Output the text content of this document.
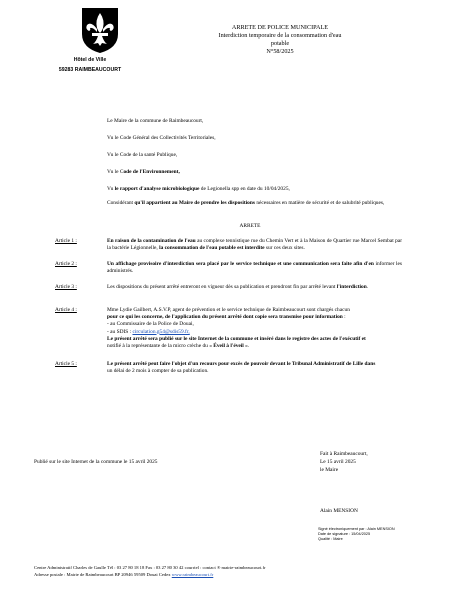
Hôtel de Ville
59283 RAIMBEAUCOURT
ARRETE DE POLICE MUNICIPALE
Interdiction temporaire de la consommation d'eau
potable
N°58/2025
Le Maire de la commune de Raimbeaucourt,
Vu le Code Général des Collectivités Territoriales,
Vu le Code de la santé Publique,
Vu le Code de l'Environnement,
Vu le rapport d'analyse microbiologique de Legionella spp en date du 10/04/2025,
Considérant qu'il appartient au Maire de prendre les dispositions nécessaires en matière de sécurité et de salubrité publiques,
ARRETE
Article 1 :	En raison de la contamination de l'eau au complexe tennistique rue du Chemin Vert et à la Maison de Quartier rue Marcel Sembat par la bactérie Légionnelle, la consommation de l'eau potable est interdite sur ces deux sites.
Article 2 :	Un affichage provisoire d'interdiction sera placé par le service technique et une communication sera faite afin d'en informer les administrés.
Article 3 :	Les dispositions du présent arrêté entreront en vigueur dès sa publication et prendront fin par arrêté levant l'interdiction.
Article 4 :	Mme Lydie Gailbert, A.S.V.P, agent de prévention et le service technique de Raimbeaucourt sont chargés chacun
pour ce qui les concerne, de l'application du présent arrêté dont copie sera transmise pour information :
- au Commissaire de la Police de Douai,
- au SDIS : circulation.g54@sdis59.fr,
Le présent arrêté sera publié sur le site Internet de la commune et inséré dans le registre des actes de l'exécutif et
notifié à la représentante de la micro crèche du « Éveil à l'éveil ».
Article 5 :	Le présent arrêté peut faire l'objet d'un recours pour excès de pouvoir devant le Tribunal Administratif de Lille dans
un délai de 2 mois à compter de sa publication.
Publié sur le site Internet de la commune le 15 avril 2025
Fait à Raimbeaucourt,
Le 15 avril 2025
le Maire
Alain MENSION
Signé électroniquement par : Alain MENSION
Date de signature : 15/04/2025
Qualité : Maire
Centre Administratif Charles de Gaulle Tél : 03 27 80 18 18 Fax : 03 27 80 30 42 courriel : contact ® mairie-raimbeaucourt.fr
Adresse postale : Mairie de Raimbeaucourt BP 20946 59509 Douai Cedex www.raimbeaucourt.fr
